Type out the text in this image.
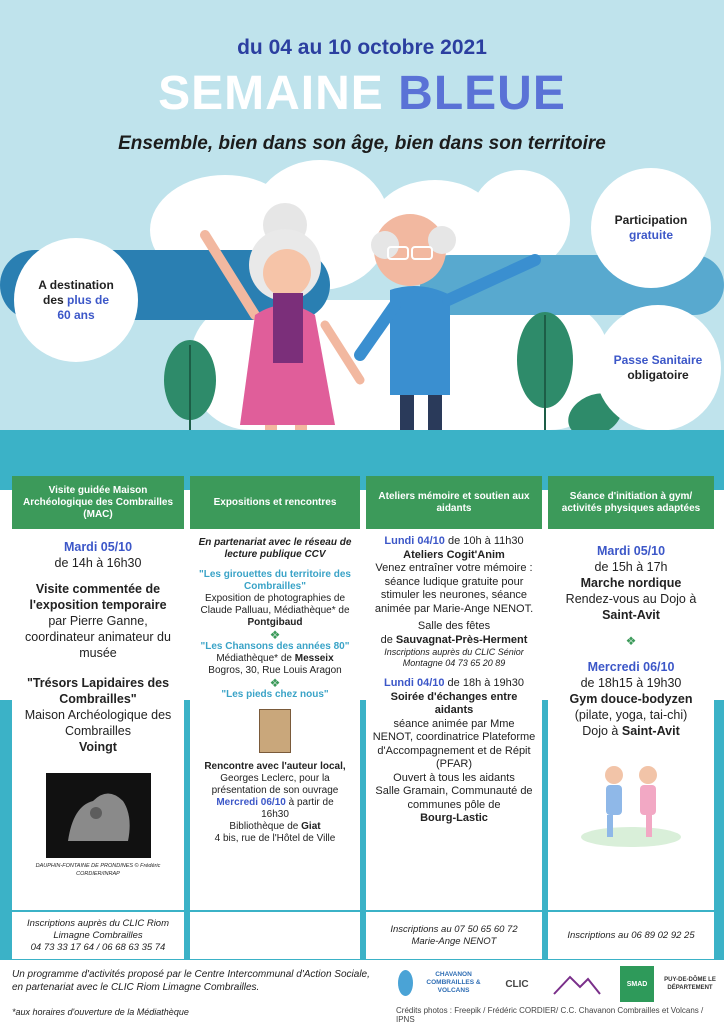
du 04 au 10 octobre 2021
SEMAINE BLEUE
Ensemble, bien dans son âge, bien dans son territoire
A destination
des plus de
60 ans
Participation
gratuite
Passe Sanitaire
obligatoire
Visite guidée Maison Archéologique des Combrailles (MAC)
Expositions et rencontres
Ateliers mémoire et soutien aux aidants
Séance d'initiation à gym/ activités physiques adaptées
Mardi 05/10
de 14h à 16h30
Visite commentée de l'exposition temporaire
par Pierre Ganne, coordinateur animateur du musée
"Trésors Lapidaires des Combrailles"
Maison Archéologique des Combrailles
Voingt
DAUPHIN-FONTAINE DE PRONDINES © Frédéric CORDIER/INRAP
En partenariat avec le réseau de lecture publique CCV
"Les girouettes du territoire des Combrailles"
Exposition de photographies de Claude Palluau, Médiathèque* de Pontgibaud
❖
"Les Chansons des années 80"
Médiathèque* de Messeix
Bogros, 30, Rue Louis Aragon
❖
"Les pieds chez nous"
Rencontre avec l'auteur local,
Georges Leclerc, pour la présentation de son ouvrage
Mercredi 06/10 à partir de
16h30
Bibliothèque de Giat
4 bis, rue de l'Hôtel de Ville
Lundi 04/10 de 10h à 11h30
Ateliers Cogit'Anim
Venez entraîner votre mémoire : séance ludique gratuite pour stimuler les neurones, séance animée par Marie-Ange NENOT.
Salle des fêtes
de Sauvagnat-Près-Herment
Inscriptions auprès du CLIC Sénior Montagne 04 73 65 20 89
Lundi 04/10 de 18h à 19h30
Soirée d'échanges entre aidants
séance animée par Mme NENOT, coordinatrice Plateforme d'Accompagnement et de Répit (PFAR)
Ouvert à tous les aidants
Salle Gramain, Communauté de communes pôle de
Bourg-Lastic
Mardi 05/10
de 15h à 17h
Marche nordique
Rendez-vous au Dojo à
Saint-Avit
❖
Mercredi 06/10
de 18h15 à 19h30
Gym douce-bodyzen
(pilate, yoga, tai-chi)
Dojo à Saint-Avit
Inscriptions auprès du CLIC Riom Limagne Combrailles
04 73 33 17 64 / 06 68 63 35 74
Inscriptions au 07 50 65 60 72
Marie-Ange NENOT
Inscriptions au 06 89 02 92 25
Un programme d'activités proposé par le Centre Intercommunal d'Action Sociale,
en partenariat avec le CLIC Riom Limagne Combrailles.
*aux horaires d'ouverture de la Médiathèque
CHAVANON COMBRAILLES & VOLCANS
CLIC	SMAD
PUY-DE-DÔME LE DÉPARTEMENT
Crédits photos : Freepik / Frédéric CORDIER/ C.C. Chavanon Combrailles et Volcans / IPNS
